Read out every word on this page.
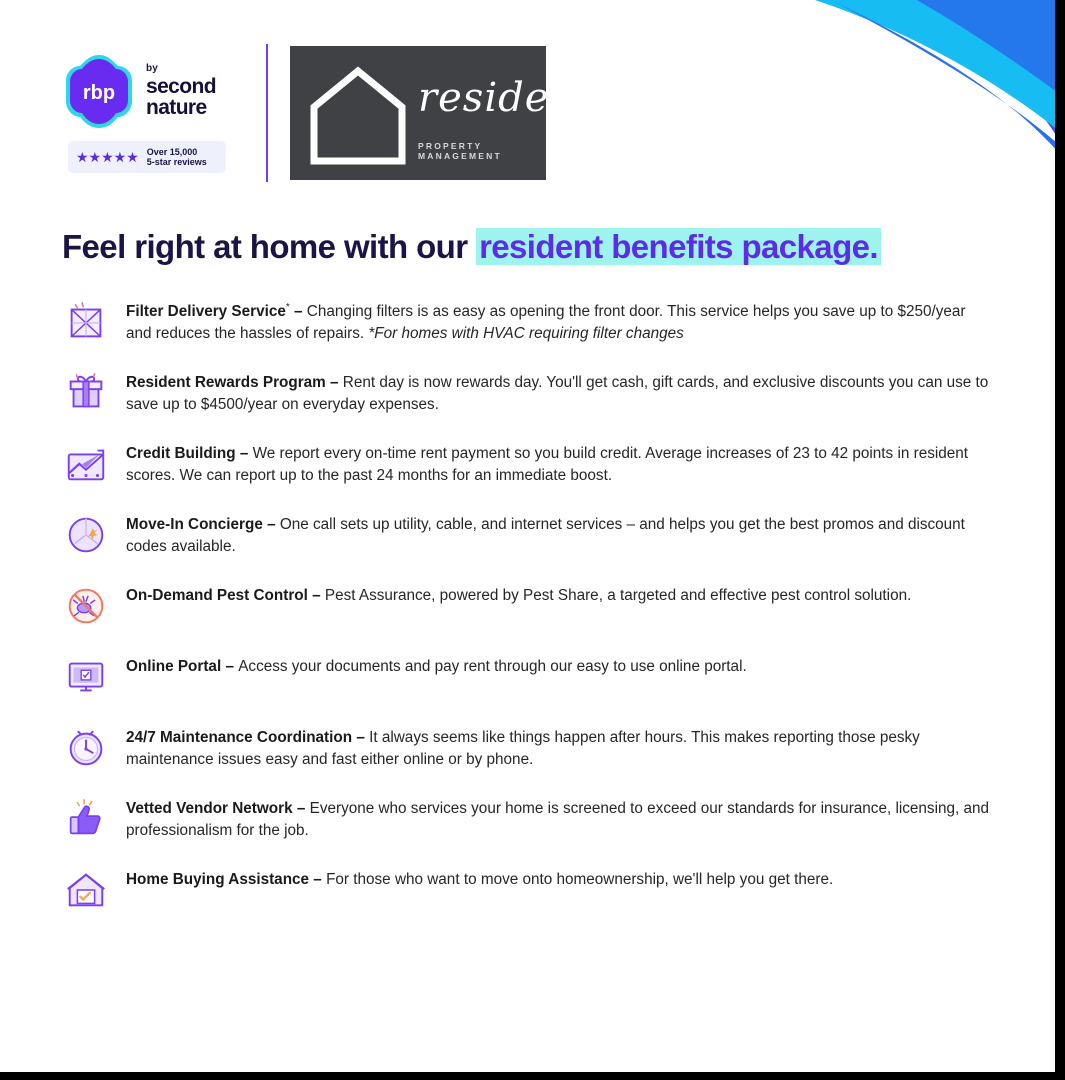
rbp
by
second
nature
★★★★★ Over 15,000
5-star reviews
reside
PROPERTY MANAGEMENT
Feel right at home with our resident benefits package.
Filter Delivery Service* – Changing filters is as easy as opening the front door. This service helps you save up to $250/year and reduces the hassles of repairs. *For homes with HVAC requiring filter changes
Resident Rewards Program – Rent day is now rewards day. You'll get cash, gift cards, and exclusive discounts you can use to save up to $4500/year on everyday expenses.
Credit Building – We report every on-time rent payment so you build credit. Average increases of 23 to 42 points in resident scores. We can report up to the past 24 months for an immediate boost.
Move-In Concierge – One call sets up utility, cable, and internet services – and helps you get the best promos and discount codes available.
On-Demand Pest Control – Pest Assurance, powered by Pest Share, a targeted and effective pest control solution.
Online Portal – Access your documents and pay rent through our easy to use online portal.
24/7 Maintenance Coordination – It always seems like things happen after hours. This makes reporting those pesky maintenance issues easy and fast either online or by phone.
Vetted Vendor Network – Everyone who services your home is screened to exceed our standards for insurance, licensing, and professionalism for the job.
Home Buying Assistance – For those who want to move onto homeownership, we'll help you get there.
